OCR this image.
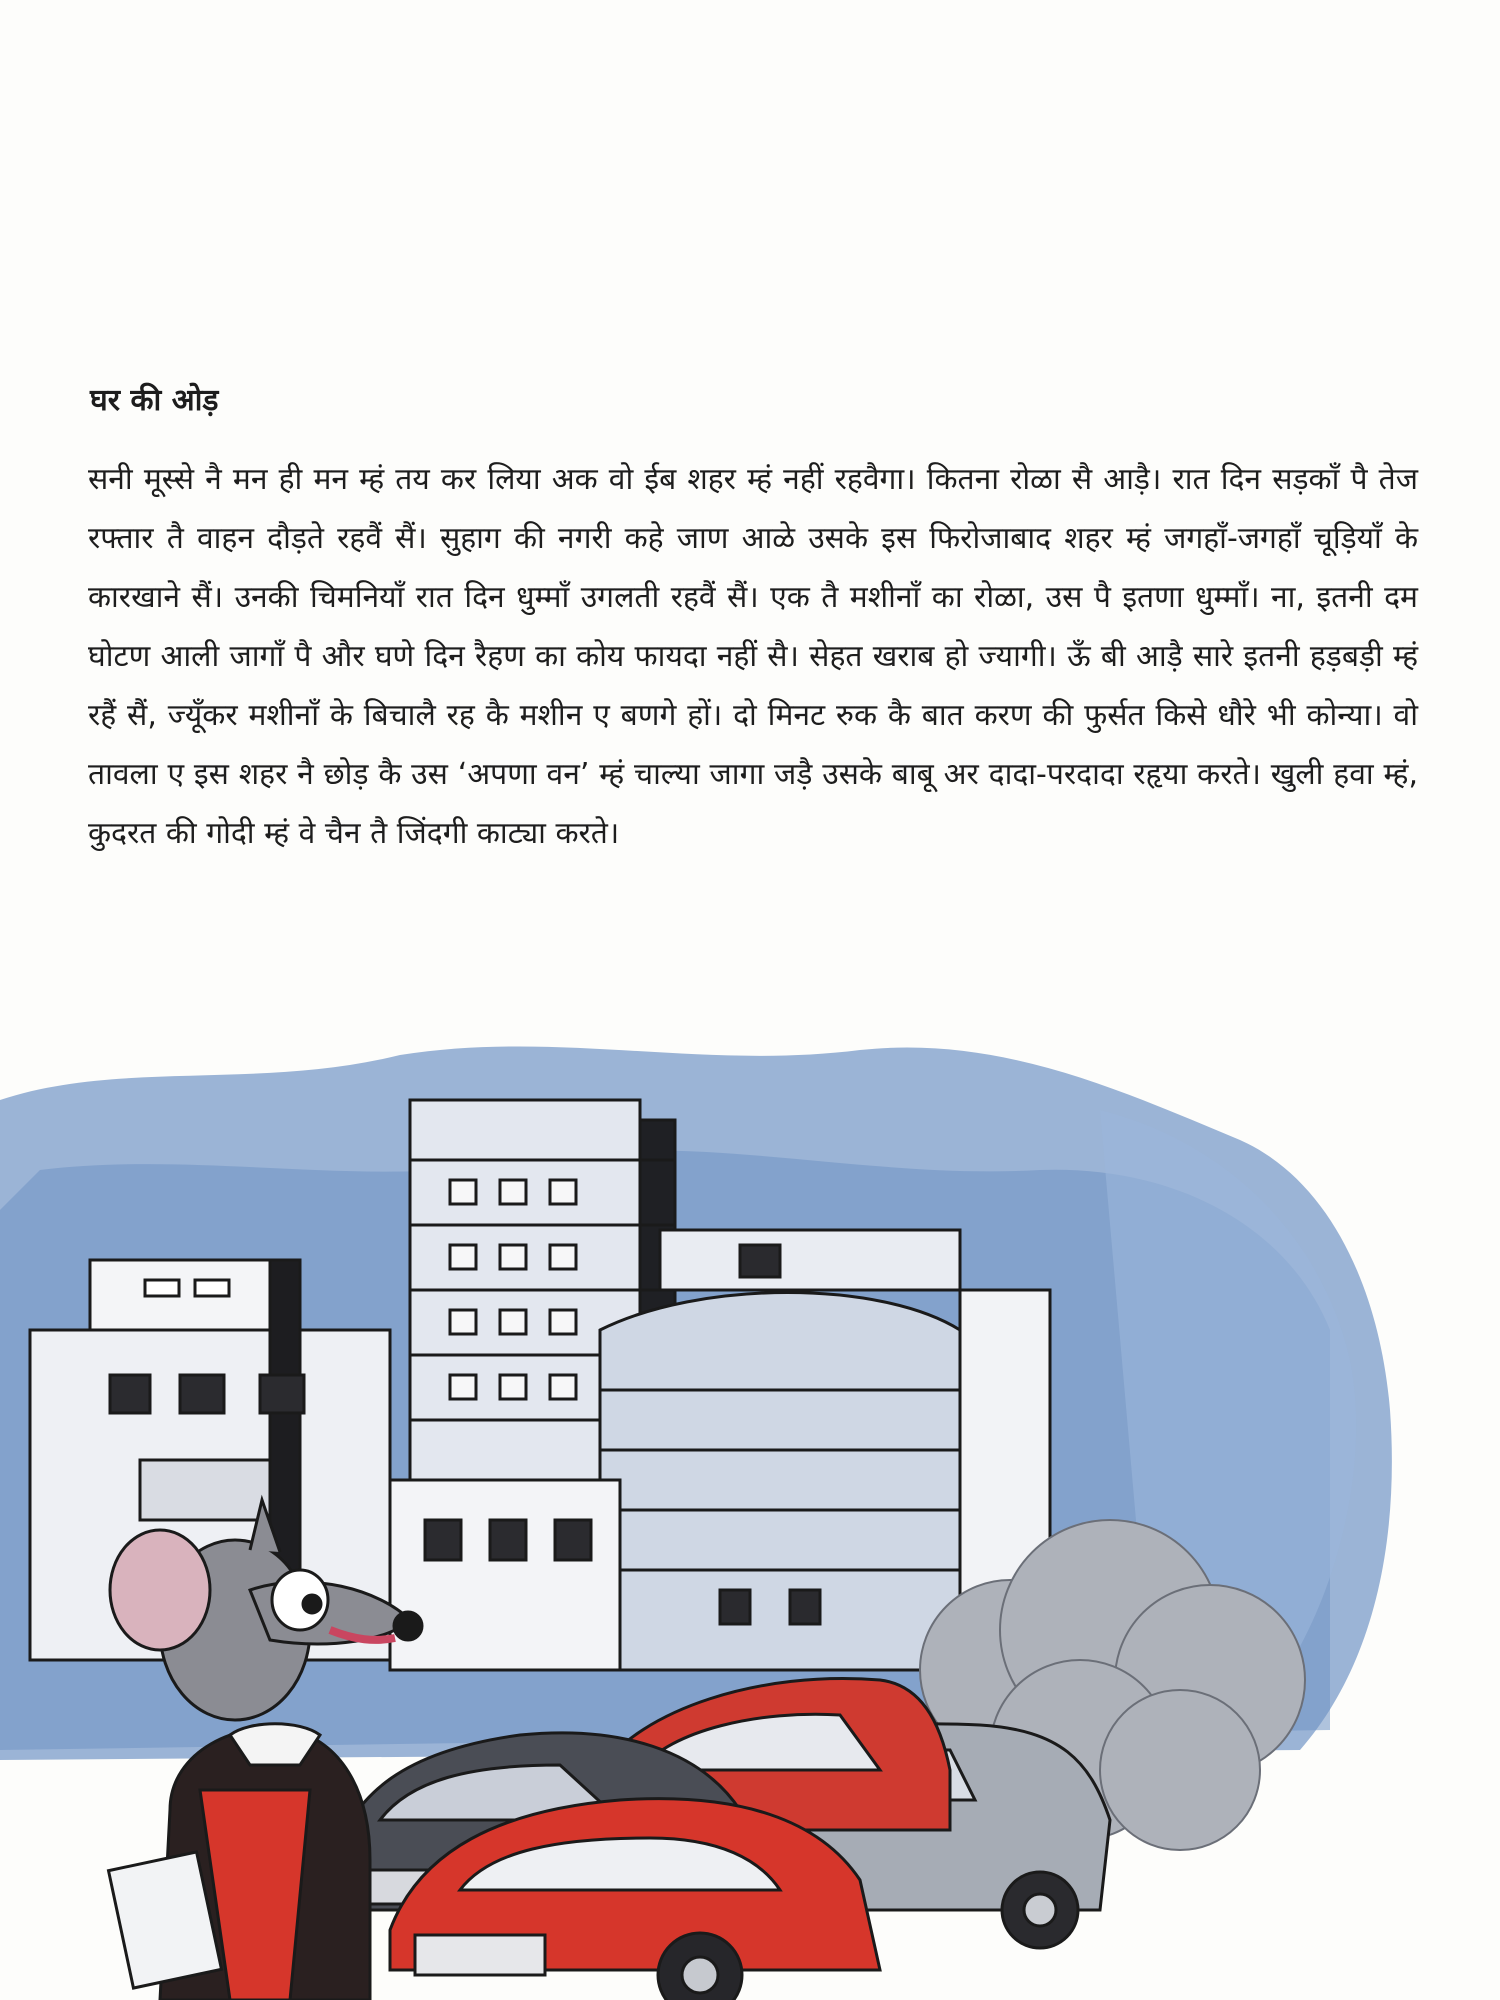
घर की ओड़

सनी मूस्से नै मन ही मन म्हं तय कर लिया अक वो ईब शहर म्हं नहीं रहवैगा। कितना रोळा सै आड़ै। रात दिन सड़काँ पै तेज रफ्तार तै वाहन दौड़ते रहवैं सैं। सुहाग की नगरी कहे जाण आळे उसके इस फिरोजाबाद शहर म्हं जगहाँ-जगहाँ चूड़ियाँ के कारखाने सैं। उनकी चिमनियाँ रात दिन धुम्माँ उगलती रहवैं सैं। एक तै मशीनाँ का रोळा, उस पै इतणा धुम्माँ। ना, इतनी दम घोटण आली जागाँ पै और घणे दिन रैहण का कोय फायदा नहीं सै। सेहत खराब हो ज्यागी। ऊँ बी आड़ै सारे इतनी हड़बड़ी म्हं रहैं सैं, ज्यूँकर मशीनाँ के बिचालै रह कै मशीन ए बणगे हों। दो मिनट रुक कै बात करण की फुर्सत किसे धौरे भी कोन्या। वो तावला ए इस शहर नै छोड़ कै उस ‘अपणा वन’ म्हं चाल्या जागा जड़ै उसके बाबू अर दादा-परदादा रहृया करते। खुली हवा म्हं, कुदरत की गोदी म्हं वे चैन तै जिंदगी काट्या करते।
